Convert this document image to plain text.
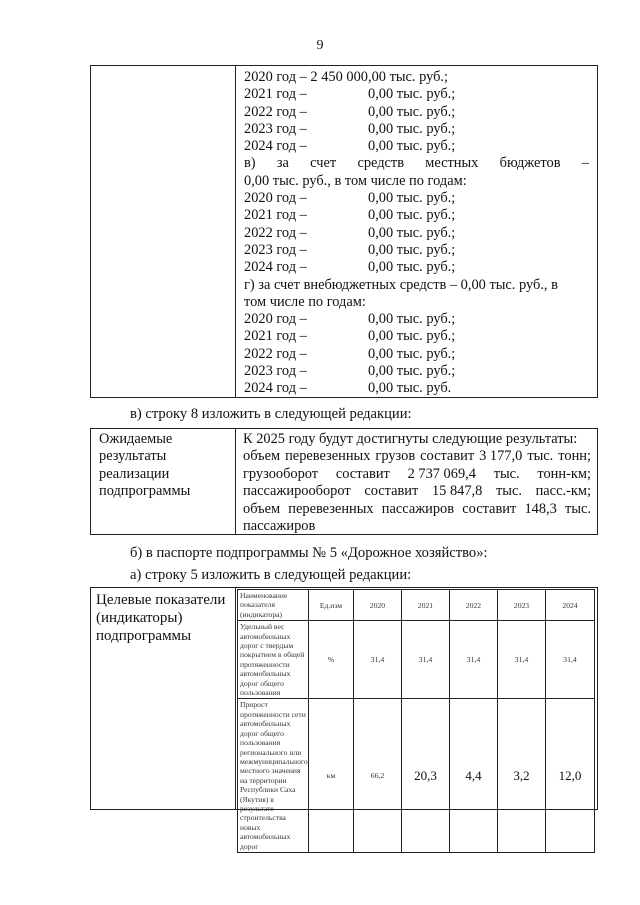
9
2020 год – 2 450 000,00 тыс. руб.;
2021 год –	0,00 тыс. руб.;
2022 год –	0,00 тыс. руб.;
2023 год –	0,00 тыс. руб.;
2024 год –	0,00 тыс. руб.;
в) за счет средств местных бюджетов –
0,00 тыс. руб., в том числе по годам:
2020 год –	0,00 тыс. руб.;
2021 год –	0,00 тыс. руб.;
2022 год –	0,00 тыс. руб.;
2023 год –	0,00 тыс. руб.;
2024 год –	0,00 тыс. руб.;
г) за счет внебюджетных средств – 0,00 тыс. руб., в
том числе по годам:
2020 год –	0,00 тыс. руб.;
2021 год –	0,00 тыс. руб.;
2022 год –	0,00 тыс. руб.;
2023 год –	0,00 тыс. руб.;
2024 год –	0,00 тыс. руб.
в) строку 8 изложить в следующей редакции:
Ожидаемые
результаты
реализации
подпрограммы
К 2025 году будут достигнуты следующие результаты:
объем перевезенных грузов составит 3 177,0 тыс. тонн;
грузооборот составит 2 737 069,4 тыс. тонн-км;
пассажирооборот составит 15 847,8 тыс. пасс.-км;
объем перевезенных пассажиров составит 148,3 тыс.
пассажиров
б) в паспорте подпрограммы № 5 «Дорожное хозяйство»:
а) строку 5 изложить в следующей редакции:
Целевые показатели
(индикаторы)
подпрограммы
Наименование показателя (индикатора)	Ед.изм	2020	2021	2022	2023	2024
Удельный вес автомобильных дорог с твердым покрытием в общей протяженности автомобильных дорог общего пользования	%	31,4	31,4	31,4	31,4	31,4
Прирост протяженности сети автомобильных дорог общего пользования регионального или межмуниципального, местного значения на территории Республики Саха (Якутия) в результате строительства новых автомобильных дорог	км	66,2	20,3	4,4	3,2	12,0
